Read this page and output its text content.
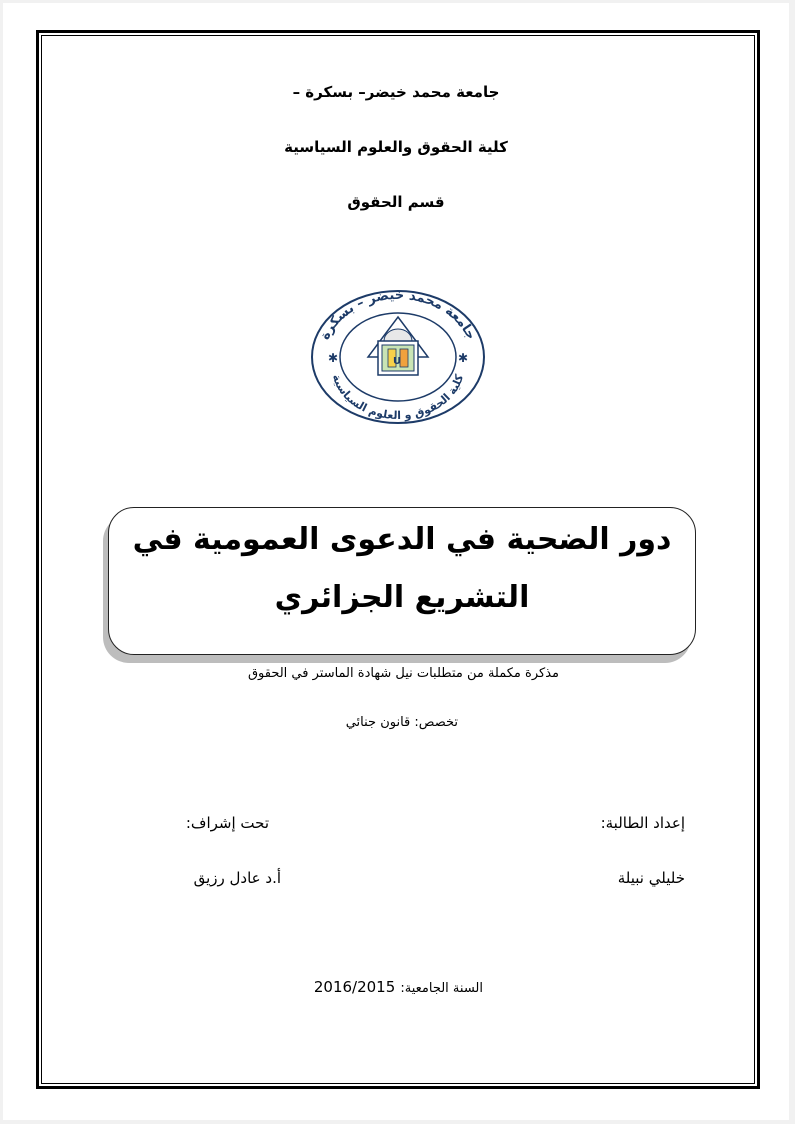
جامعة محمد خيضر– بسكرة –
كلية الحقوق والعلوم السياسية
قسم الحقوق
جامعة محمد خيضر – بسكرة
كلية الحقوق و العلوم السياسية
✱	✱
U
دور الضحية في الدعوى العمومية في
التشريع الجزائري
مذكرة مكملة من متطلبات نيل شهادة الماستر في الحقوق
تخصص: قانون جنائي
إعداد الطالبة:
تحت إشراف:
خليلي نبيلة
أ.د عادل رزيق
السنة الجامعية: 2016/2015
